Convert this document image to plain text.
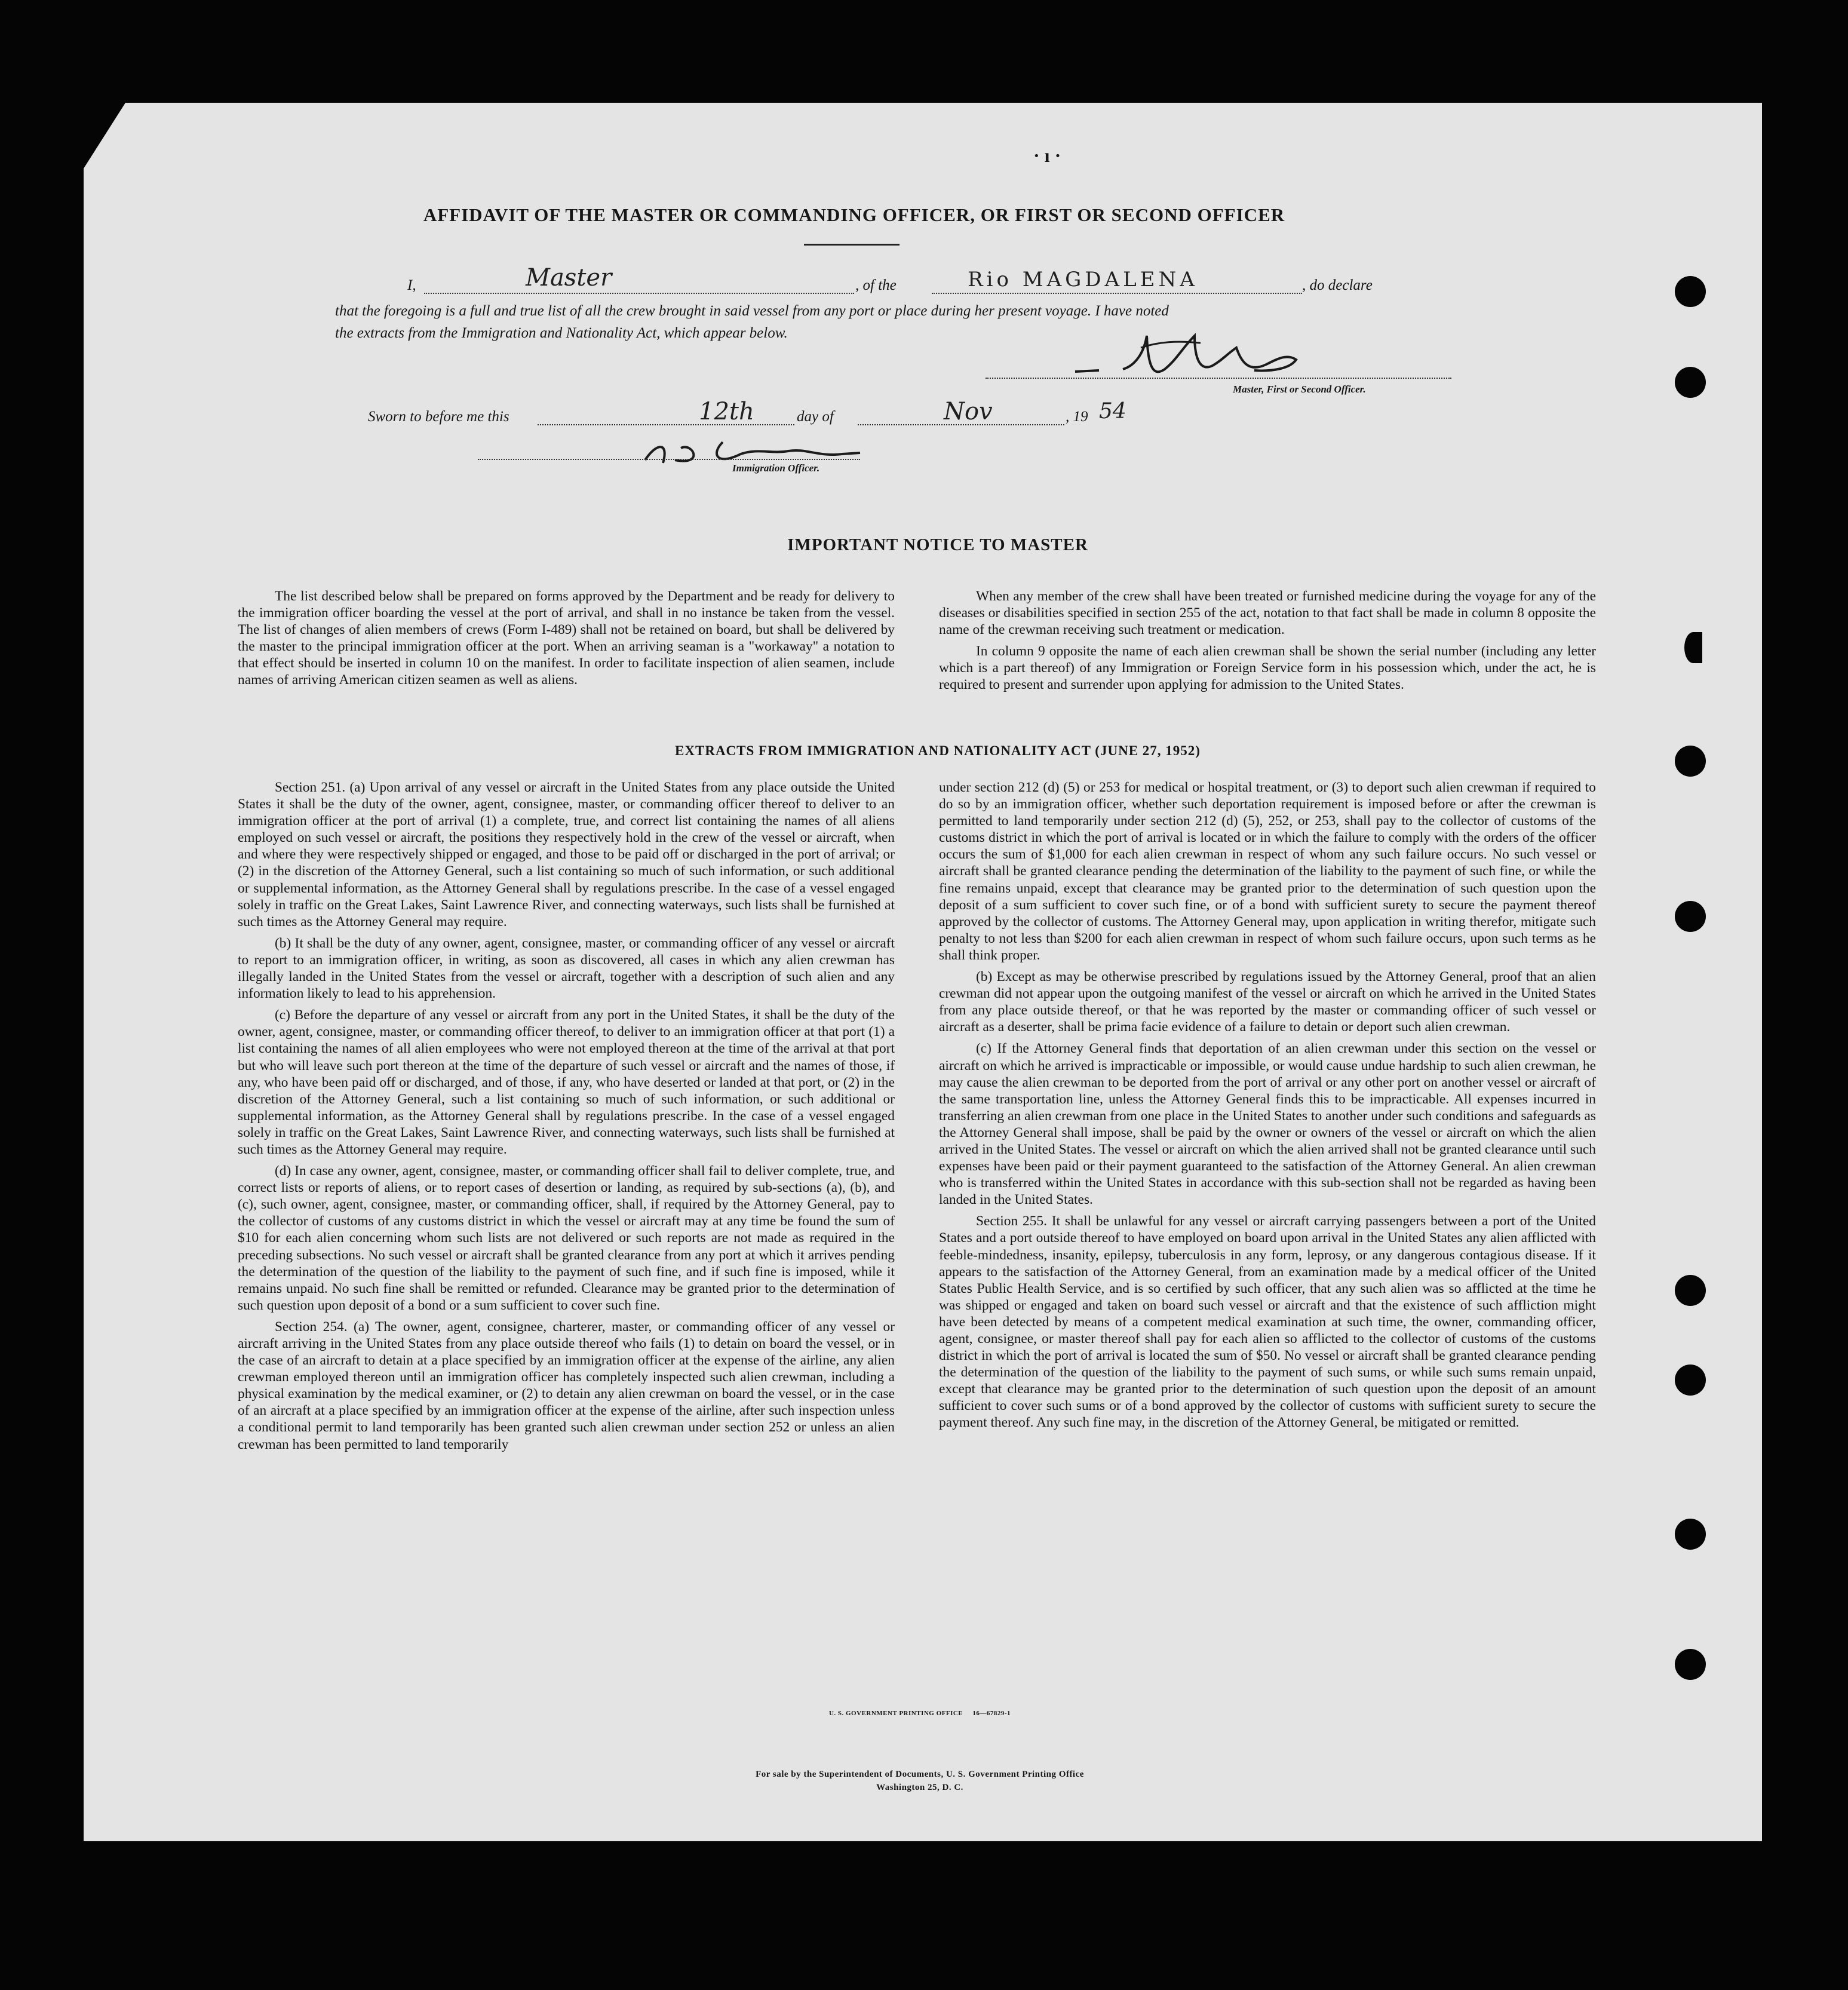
· ı ·
AFFIDAVIT OF THE MASTER OR COMMANDING OFFICER, OR FIRST OR SECOND OFFICER
I,	Master	, of the	Rio MAGDALENA	, do declare
that the foregoing is a full and true list of all the crew brought in said vessel from any port or place during her present voyage. I have noted
the extracts from the Immigration and Nationality Act, which appear below.
Master, First or Second Officer.
Sworn to before me this	12th	day of	Nov	, 19 54
Immigration Officer.
IMPORTANT NOTICE TO MASTER

The list described below shall be prepared on forms approved by the Department and be ready for delivery to the immigration officer boarding the vessel at the port of arrival, and shall in no instance be taken from the vessel. The list of changes of alien members of crews (Form I-489) shall not be retained on board, but shall be delivered by the master to the principal immigration officer at the port. When an arriving seaman is a "workaway" a notation to that effect should be inserted in column 10 on the manifest. In order to facilitate inspection of alien seamen, include names of arriving American citizen seamen as well as aliens.

When any member of the crew shall have been treated or furnished medicine during the voyage for any of the diseases or disabilities specified in section 255 of the act, notation to that fact shall be made in column 8 opposite the name of the crewman receiving such treatment or medication.

In column 9 opposite the name of each alien crewman shall be shown the serial number (including any letter which is a part thereof) of any Immigration or Foreign Service form in his possession which, under the act, he is required to present and surrender upon applying for admission to the United States.

EXTRACTS FROM IMMIGRATION AND NATIONALITY ACT (JUNE 27, 1952)

Section 251. (a) Upon arrival of any vessel or aircraft in the United States from any place outside the United States it shall be the duty of the owner, agent, consignee, master, or commanding officer thereof to deliver to an immigration officer at the port of arrival (1) a complete, true, and correct list containing the names of all aliens employed on such vessel or aircraft, the positions they respectively hold in the crew of the vessel or aircraft, when and where they were respectively shipped or engaged, and those to be paid off or discharged in the port of arrival; or (2) in the discretion of the Attorney General, such a list containing so much of such information, or such additional or supplemental information, as the Attorney General shall by regulations prescribe. In the case of a vessel engaged solely in traffic on the Great Lakes, Saint Lawrence River, and connecting waterways, such lists shall be furnished at such times as the Attorney General may require.

(b) It shall be the duty of any owner, agent, consignee, master, or commanding officer of any vessel or aircraft to report to an immigration officer, in writing, as soon as discovered, all cases in which any alien crewman has illegally landed in the United States from the vessel or aircraft, together with a description of such alien and any information likely to lead to his apprehension.

(c) Before the departure of any vessel or aircraft from any port in the United States, it shall be the duty of the owner, agent, consignee, master, or commanding officer thereof, to deliver to an immigration officer at that port (1) a list containing the names of all alien employees who were not employed thereon at the time of the arrival at that port but who will leave such port thereon at the time of the departure of such vessel or aircraft and the names of those, if any, who have been paid off or discharged, and of those, if any, who have deserted or landed at that port, or (2) in the discretion of the Attorney General, such a list containing so much of such information, or such additional or supplemental information, as the Attorney General shall by regulations prescribe. In the case of a vessel engaged solely in traffic on the Great Lakes, Saint Lawrence River, and connecting waterways, such lists shall be furnished at such times as the Attorney General may require.

(d) In case any owner, agent, consignee, master, or commanding officer shall fail to deliver complete, true, and correct lists or reports of aliens, or to report cases of desertion or landing, as required by sub-sections (a), (b), and (c), such owner, agent, consignee, master, or commanding officer, shall, if required by the Attorney General, pay to the collector of customs of any customs district in which the vessel or aircraft may at any time be found the sum of $10 for each alien concerning whom such lists are not delivered or such reports are not made as required in the preceding subsections. No such vessel or aircraft shall be granted clearance from any port at which it arrives pending the determination of the question of the liability to the payment of such fine, and if such fine is imposed, while it remains unpaid. No such fine shall be remitted or refunded. Clearance may be granted prior to the determination of such question upon deposit of a bond or a sum sufficient to cover such fine.

Section 254. (a) The owner, agent, consignee, charterer, master, or commanding officer of any vessel or aircraft arriving in the United States from any place outside thereof who fails (1) to detain on board the vessel, or in the case of an aircraft to detain at a place specified by an immigration officer at the expense of the airline, any alien crewman employed thereon until an immigration officer has completely inspected such alien crewman, including a physical examination by the medical examiner, or (2) to detain any alien crewman on board the vessel, or in the case of an aircraft at a place specified by an immigration officer at the expense of the airline, after such inspection unless a conditional permit to land temporarily has been granted such alien crewman under section 252 or unless an alien crewman has been permitted to land temporarily

under section 212 (d) (5) or 253 for medical or hospital treatment, or (3) to deport such alien crewman if required to do so by an immigration officer, whether such deportation requirement is imposed before or after the crewman is permitted to land temporarily under section 212 (d) (5), 252, or 253, shall pay to the collector of customs of the customs district in which the port of arrival is located or in which the failure to comply with the orders of the officer occurs the sum of $1,000 for each alien crewman in respect of whom any such failure occurs. No such vessel or aircraft shall be granted clearance pending the determination of the liability to the payment of such fine, or while the fine remains unpaid, except that clearance may be granted prior to the determination of such question upon the deposit of a sum sufficient to cover such fine, or of a bond with sufficient surety to secure the payment thereof approved by the collector of customs. The Attorney General may, upon application in writing therefor, mitigate such penalty to not less than $200 for each alien crewman in respect of whom such failure occurs, upon such terms as he shall think proper.

(b) Except as may be otherwise prescribed by regulations issued by the Attorney General, proof that an alien crewman did not appear upon the outgoing manifest of the vessel or aircraft on which he arrived in the United States from any place outside thereof, or that he was reported by the master or commanding officer of such vessel or aircraft as a deserter, shall be prima facie evidence of a failure to detain or deport such alien crewman.

(c) If the Attorney General finds that deportation of an alien crewman under this section on the vessel or aircraft on which he arrived is impracticable or impossible, or would cause undue hardship to such alien crewman, he may cause the alien crewman to be deported from the port of arrival or any other port on another vessel or aircraft of the same transportation line, unless the Attorney General finds this to be impracticable. All expenses incurred in transferring an alien crewman from one place in the United States to another under such conditions and safeguards as the Attorney General shall impose, shall be paid by the owner or owners of the vessel or aircraft on which the alien arrived in the United States. The vessel or aircraft on which the alien arrived shall not be granted clearance until such expenses have been paid or their payment guaranteed to the satisfaction of the Attorney General. An alien crewman who is transferred within the United States in accordance with this sub-section shall not be regarded as having been landed in the United States.

Section 255. It shall be unlawful for any vessel or aircraft carrying passengers between a port of the United States and a port outside thereof to have employed on board upon arrival in the United States any alien afflicted with feeble-mindedness, insanity, epilepsy, tuberculosis in any form, leprosy, or any dangerous contagious disease. If it appears to the satisfaction of the Attorney General, from an examination made by a medical officer of the United States Public Health Service, and is so certified by such officer, that any such alien was so afflicted at the time he was shipped or engaged and taken on board such vessel or aircraft and that the existence of such affliction might have been detected by means of a competent medical examination at such time, the owner, commanding officer, agent, consignee, or master thereof shall pay for each alien so afflicted to the collector of customs of the customs district in which the port of arrival is located the sum of $50. No vessel or aircraft shall be granted clearance pending the determination of the question of the liability to the payment of such sums, or while such sums remain unpaid, except that clearance may be granted prior to the determination of such question upon the deposit of an amount sufficient to cover such sums or of a bond approved by the collector of customs with sufficient surety to secure the payment thereof. Any such fine may, in the discretion of the Attorney General, be mitigated or remitted.

U. S. GOVERNMENT PRINTING OFFICE     16—67829-1
For sale by the Superintendent of Documents, U. S. Government Printing Office
Washington 25, D. C.
